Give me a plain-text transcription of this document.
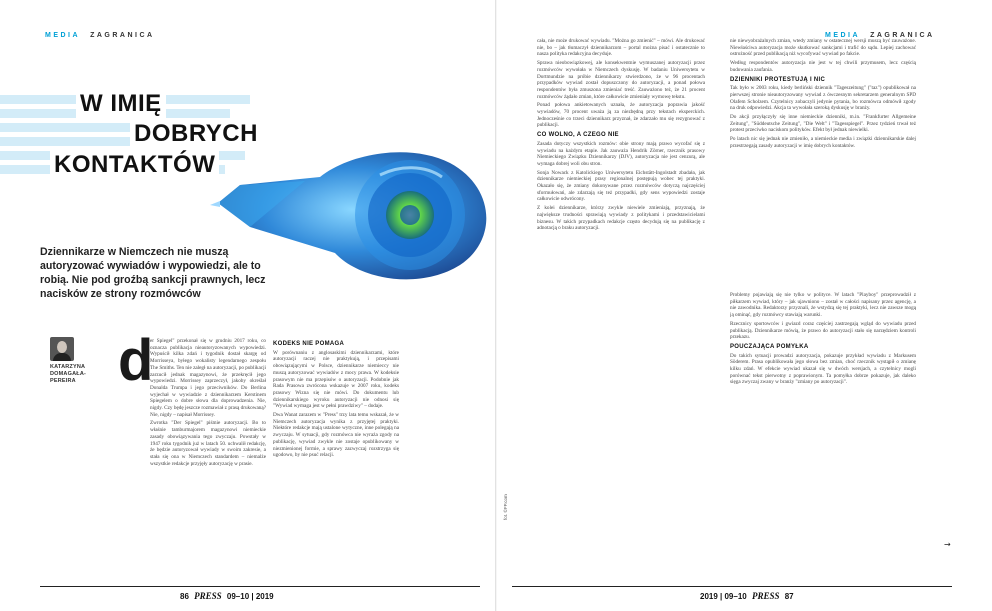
MEDIA ZAGRANICA	MEDIA ZAGRANICA
W IMIĘ
DOBRYCH
KONTAKTÓW
Dziennikarze w Niemczech nie muszą autoryzować wywiadów i wypowiedzi, ale to robią. Nie pod groźbą sankcji prawnych, lecz nacisków ze strony rozmówców
KATARZYNA DOMAGAŁA-PEREIRA d

er Spiegel" przekonał się w grudniu 2017 roku, co oznacza publikacja nieautoryzowanych wypowiedzi. Wypuścił kilka zdań i tygodnik dostał skargę od Morrisseya, byłego wokalisty legendarnego zespołu The Smiths. Ten nie zaległ na autoryzacji, po publikacji zarzucił jednak magazynowi, że przekręcił jego wypowiedzi. Morrissey zaprzeczył, jakoby określał Donalda Trumpa i jego przeciwników. Do Berlina wyjechał w wywiadzie z dziennikarzem Kerstinem Spiegelem o dobre słowa dla doprowadzenia. Nie, nigdy. Czy będę jeszcze rozmawiał z prasą drukowaną? Nie, nigdy – napisał Morrissey.

Zwrotka "Der Spiegel" piśmie autoryzacji. Bo to właśnie tamburmajorem magazynowi niemieckie zasady obowiązywania tego zwyczaju. Powstały w 1947 roku tygodnik już w latach 50. uchwalił redakcję, że będzie autoryzował wywiady w swoim zakresie, a stała się ona w Niemczech standardem – niemalże wszystkie redakcje przyjęły autoryzację w prasie.

KODEKS NIE POMAGA

W porównaniu z anglosaskimi dziennikarzami, które autoryzacji raczej nie praktykują, i przepisami obowiązującymi w Polsce, dziennikarze niemieccy nie muszą autoryzować wywiadów z mocy prawa. W kodeksie prasowym nie ma przepisów o autoryzacji. Podobnie jak Rada Prasowa zwrócona wskazuje w 2007 roku, kodeks prasowy Wizna się nie mówi. Do dokumentu lub dziennikarskiego wyroku autoryzacji nie odnosi się "Wywiad wymaga jest w pełni prawdziwy" – dodaje.

Dwa Wanat zarazem w "Press" trzy lata temu wskazał, że w Niemczech autoryzacja wynika z przyjętej praktyki. Niektóre redakcje mają ustalone wytyczne, inne polegają na zwyczaju. W sytuacji, gdy rozmówca nie wyraża zgody na publikację, wywiad zwykle nie zostaje opublikowany w niezmienionej formie, a sprawy zazwyczaj rozstrzyga się ugodowo, by nie psuć relacji.

cała, nie może drukować wywiadu. "Można go zmienić" – mówi. Ale drukować nie, bo – jak tłumaczył dziennikarzom – portal można pisać i ostatecznie to nasza polityka redakcyjna decyduje.

Sprawa nieobowiązkowej, ale konsekwentnie wymuszanej autoryzacji przez rozmówców wywołała w Niemczech dyskusję. W badaniu Uniwersytetu w Dortmundzie na próbie dziennikarzy stwierdzono, że w 96 procentach przypadków wywiad został dopuszczony do autoryzacji, a ponad połowa respondentów była zmuszona zmieniać treść. Zauważono też, że 21 procent rozmówców żądało zmian, które całkowicie zmieniały wymowę tekstu.

Ponad połowa ankietowanych uznała, że autoryzacja poprawia jakość wywiadów, 70 procent uważa ją za niezbędną przy tekstach eksperckich. Jednocześnie co trzeci dziennikarz przyznał, że zdarzało mu się rezygnować z publikacji.

CO WOLNO, A CZEGO NIE

Zasada dotyczy wszystkich rozmów: obie strony mają prawo wycofać się z wywiadu na każdym etapie. Jak zauważa Hendrik Zörner, rzecznik prasowy Niemieckiego Związku Dziennikarzy (DJV), autoryzacja nie jest cenzurą, ale wymaga dobrej woli obu stron.

Sonja Nowack z Katolickiego Uniwersytetu Eichstätt-Ingolstadt zbadała, jak dziennikarze niemieckiej prasy regionalnej postępują wobec tej praktyki. Okazało się, że zmiany dokonywane przez rozmówców dotyczą najczęściej sformułowań, ale zdarzają się też przypadki, gdy sens wypowiedzi zostaje całkowicie odwrócony.

Z kolei dziennikarze, którzy zwykle niewiele zmieniają, przyznają, że największe trudności sprawiają wywiady z politykami i przedstawicielami biznesu. W takich przypadkach redakcje często decydują się na publikację z adnotacją o braku autoryzacji.

nie niewyobrażalnych zmian, wtedy zmiany w ostatecznej wersji muszą być zauważone. Niewłaściwa autoryzacja może skutkować sankcjami i trafić do sądu. Lepiej zachować ostrożność przed publikacją niż wycofywać wywiad po fakcie.

Według respondentów autoryzacja nie jest w tej chwili przymusem, lecz częścią budowania zaufania.

DZIENNIKI PROTESTUJĄ I NIC

Tak było w 2003 roku, kiedy berliński dziennik "Tageszeitung" ("taz") opublikował na pierwszej stronie nieautoryzowany wywiad z ówczesnym sekretarzem generalnym SPD Olafem Scholzem. Czytelnicy zobaczyli jedynie pytania, bo rozmówca odmówił zgody na druk odpowiedzi. Akcja ta wywołała szeroką dyskusję w branży.

Do akcji przyłączyły się inne niemieckie dzienniki, m.in. "Frankfurter Allgemeine Zeitung", "Süddeutsche Zeitung", "Die Welt" i "Tagesspiegel". Przez tydzień trwał też protest przeciwko naciskom polityków. Efekt był jednak niewielki.

Po latach nic się jednak nie zmieniło, a niemieckie media i związki dziennikarskie dalej przestrzegają zasady autoryzacji w imię dobrych kontaktów.

Problemy pojawiają się nie tylko w polityce. W latach "Playboy" przeprowadził z piłkarzem wywiad, który – jak ujawniono – został w całości napisany przez agencję, a nie zawodnika. Redaktorzy przyznali, że wstydzą się tej praktyki, lecz nie zawsze mogą ją ominąć, gdy rozmówcy stawiają warunki.

Rzecznicy sportowców i gwiazd coraz częściej zastrzegają wgląd do wywiadu przed publikacją. Dziennikarze mówią, że prawo do autoryzacji stało się narzędziem kontroli przekazu.

POUCZAJĄCA POMYŁKA

Do takich sytuacji prowadzi autoryzacja, pokazuje przykład wywiadu z Markusem Söderem. Prasa opublikowała jego słowa bez zmian, choć rzecznik wystąpił o zmianę kilku zdań. W efekcie wywiad ukazał się w dwóch wersjach, a czytelnicy mogli porównać tekst pierwotny z poprawionym. Ta pomyłka dobrze pokazuje, jak daleko sięga zwyczaj zwany w branży "zmiany po autoryzacji".

→
fot. ©FP.com
86 PRESS 09–10 | 2019	2019 | 09–10 PRESS 87
